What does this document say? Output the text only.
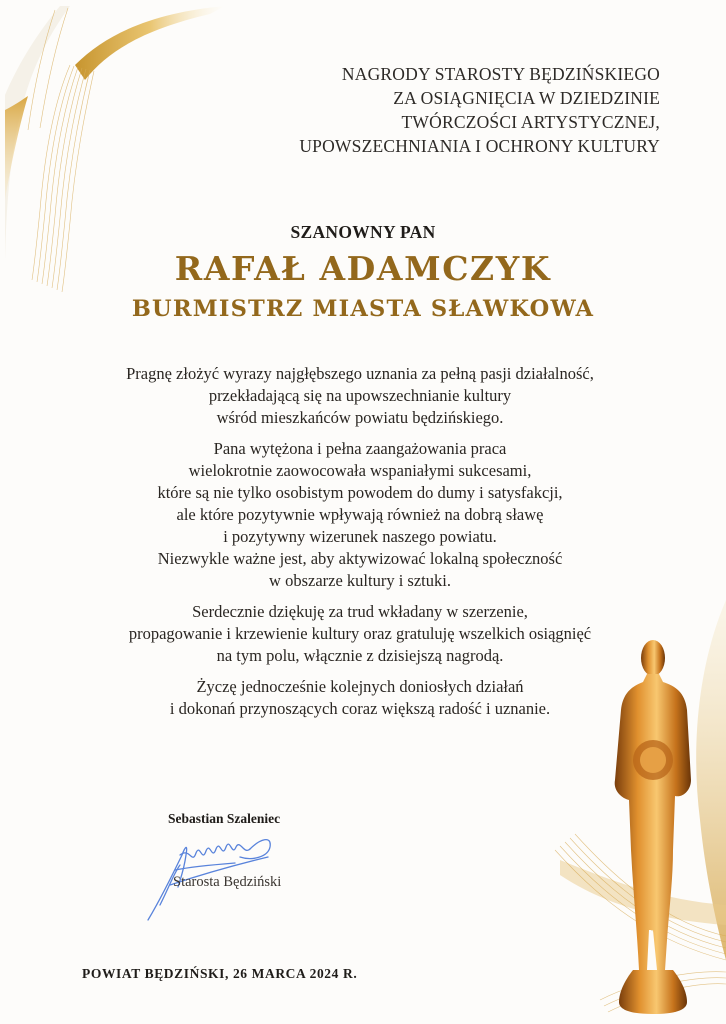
NAGRODY STAROSTY BĘDZIŃSKIEGO
ZA OSIĄGNIĘCIA W DZIEDZINIE
TWÓRCZOŚCI ARTYSTYCZNEJ,
UPOWSZECHNIANIA I OCHRONY KULTURY
SZANOWNY PAN
RAFAŁ ADAMCZYK
BURMISTRZ MIASTA SŁAWKOWA
Pragnę złożyć wyrazy najgłębszego uznania za pełną pasji działalność,
przekładającą się na upowszechnianie kultury
wśród mieszkańców powiatu będzińskiego.
Pana wytężona i pełna zaangażowania praca
wielokrotnie zaowocowała wspaniałymi sukcesami,
które są nie tylko osobistym powodem do dumy i satysfakcji,
ale które pozytywnie wpływają również na dobrą sławę
i pozytywny wizerunek naszego powiatu.
Niezwykle ważne jest, aby aktywizować lokalną społeczność
w obszarze kultury i sztuki.
Serdecznie dziękuję za trud wkładany w szerzenie,
propagowanie i krzewienie kultury oraz gratuluję wszelkich osiągnięć
na tym polu, włącznie z dzisiejszą nagrodą.
Życzę jednocześnie kolejnych doniosłych działań
i dokonań przynoszących coraz większą radość i uznanie.
Sebastian Szaleniec
Starosta Będziński
POWIAT BĘDZIŃSKI, 26 MARCA 2024 R.
